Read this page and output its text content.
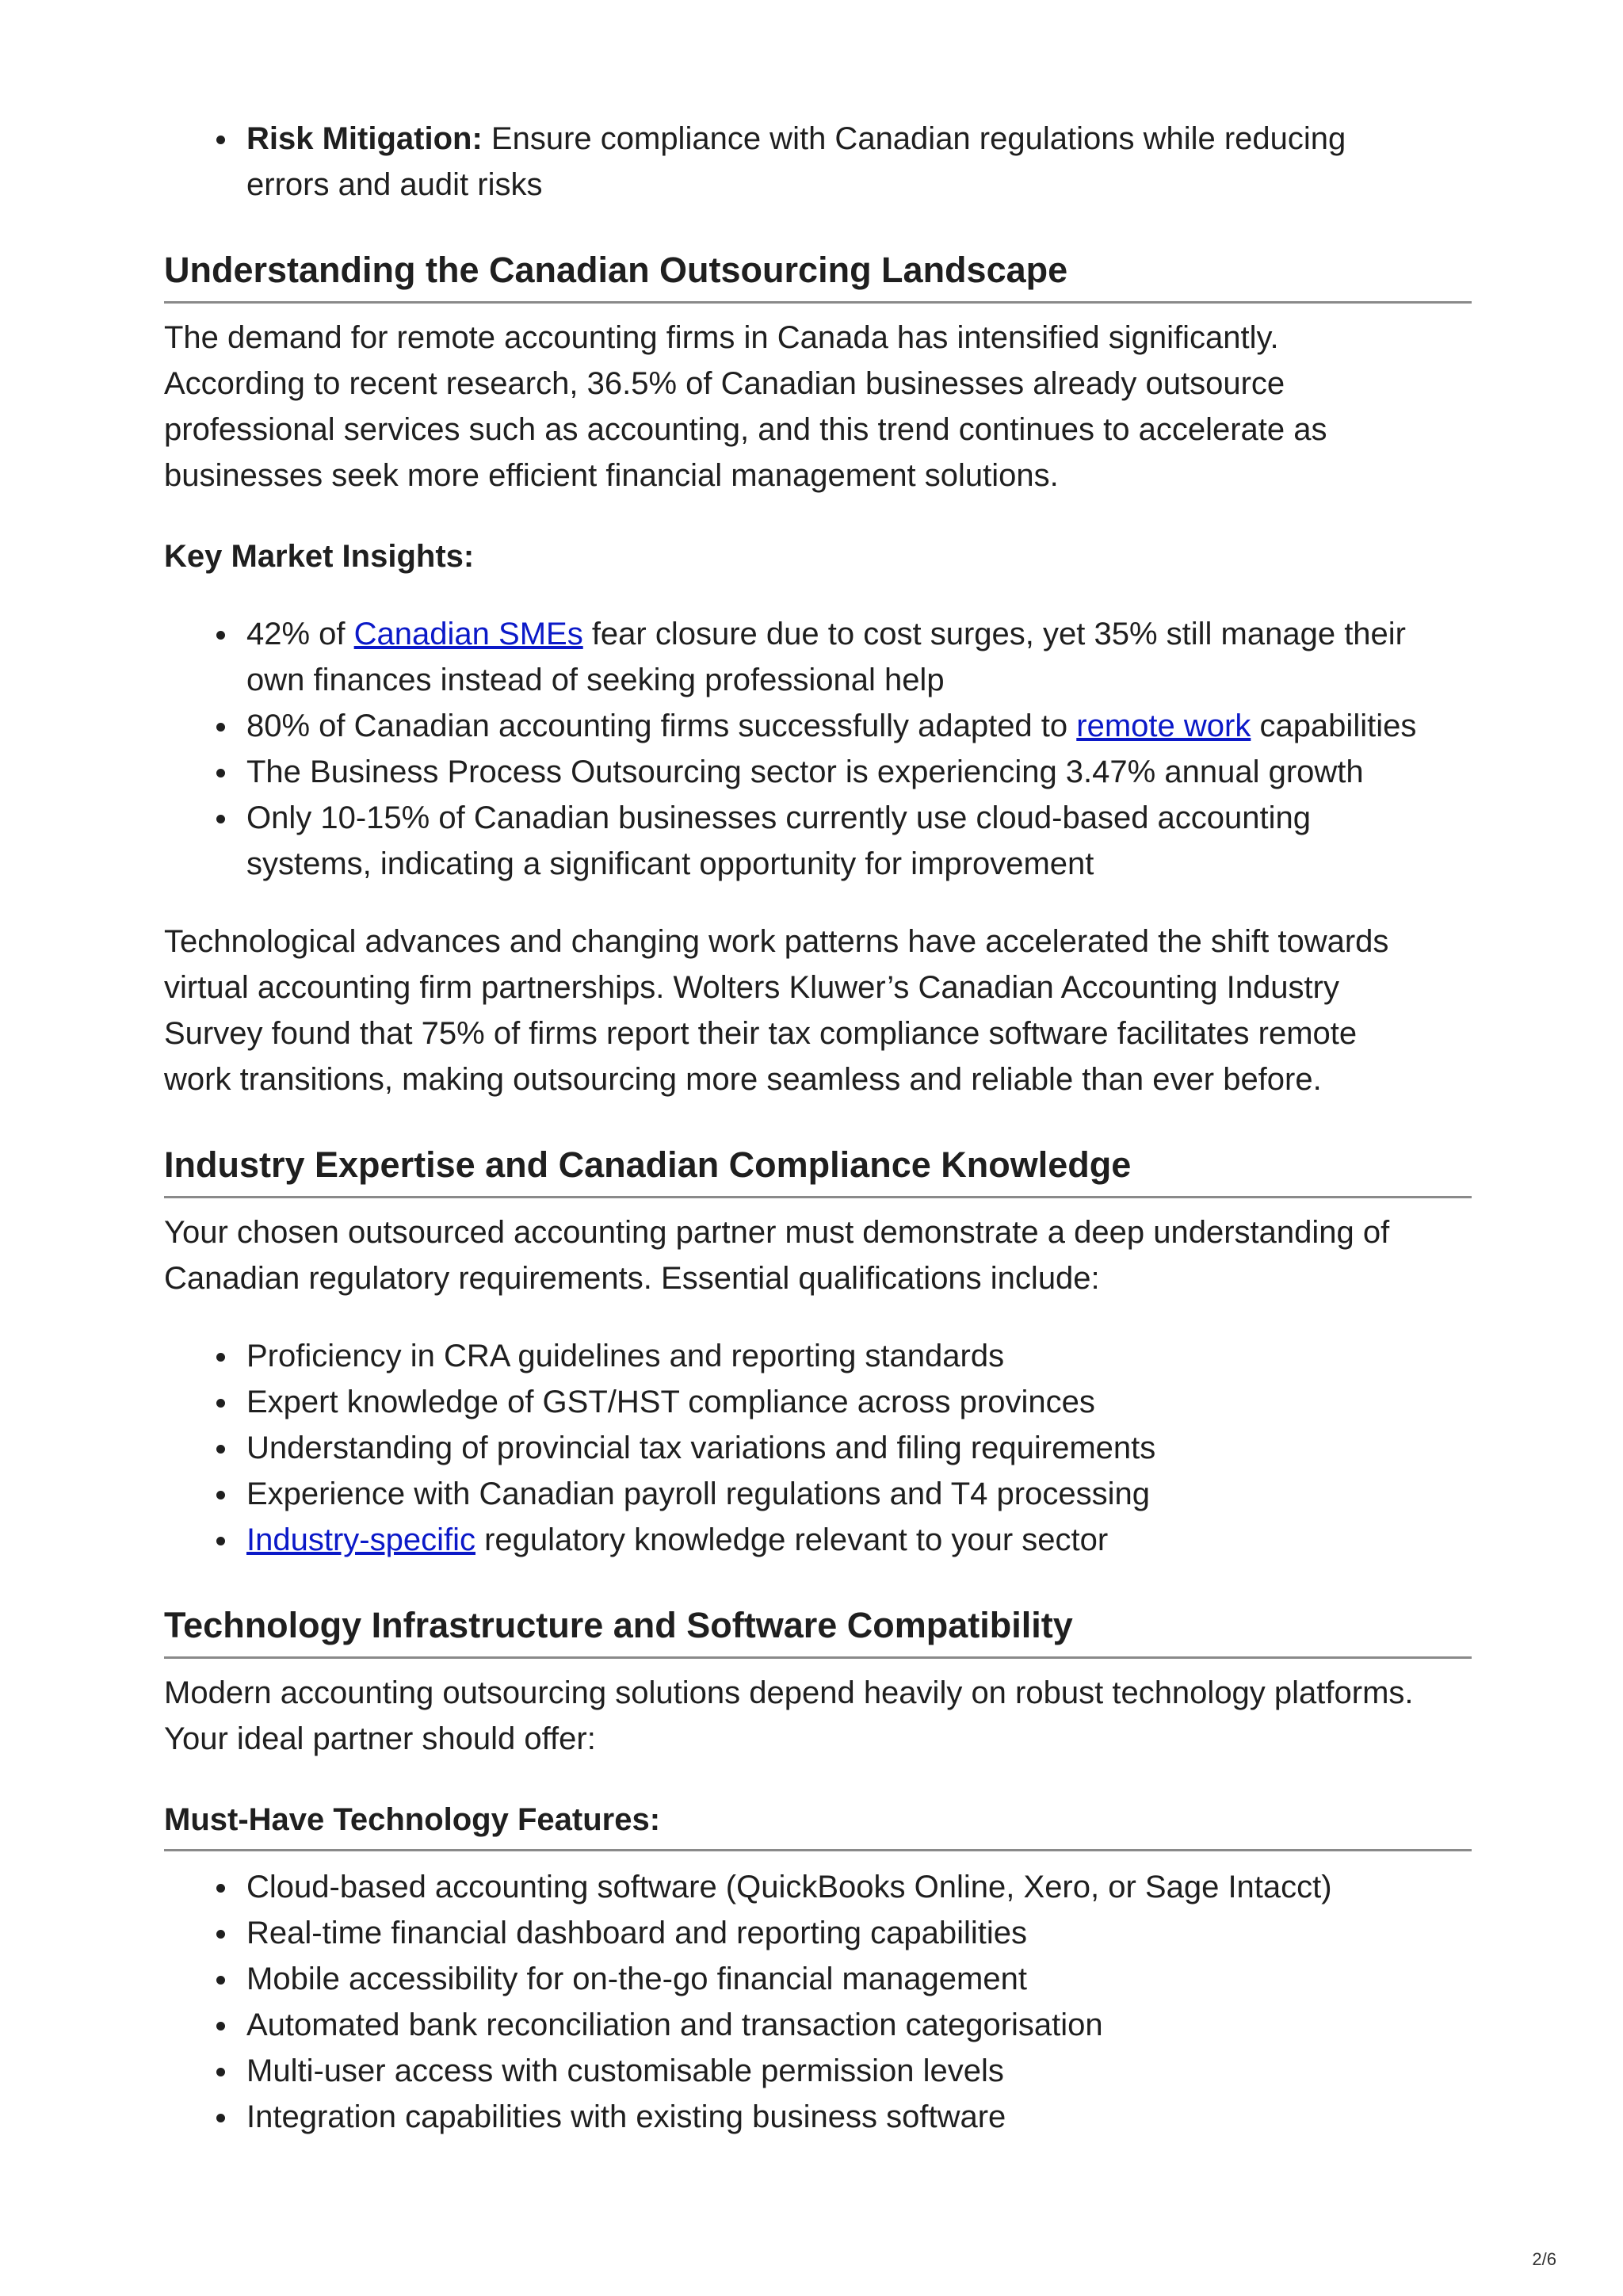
Risk Mitigation: Ensure compliance with Canadian regulations while reducing
errors and audit risks
Understanding the Canadian Outsourcing Landscape

The demand for remote accounting firms in Canada has intensified significantly.
According to recent research, 36.5% of Canadian businesses already outsource
professional services such as accounting, and this trend continues to accelerate as
businesses seek more efficient financial management solutions.

Key Market Insights:
42% of Canadian SMEs fear closure due to cost surges, yet 35% still manage their
own finances instead of seeking professional help
80% of Canadian accounting firms successfully adapted to remote work capabilities
The Business Process Outsourcing sector is experiencing 3.47% annual growth
Only 10-15% of Canadian businesses currently use cloud-based accounting
systems, indicating a significant opportunity for improvement

Technological advances and changing work patterns have accelerated the shift towards
virtual accounting firm partnerships. Wolters Kluwer’s Canadian Accounting Industry
Survey found that 75% of firms report their tax compliance software facilitates remote
work transitions, making outsourcing more seamless and reliable than ever before.

Industry Expertise and Canadian Compliance Knowledge

Your chosen outsourced accounting partner must demonstrate a deep understanding of
Canadian regulatory requirements. Essential qualifications include:

Proficiency in CRA guidelines and reporting standards
Expert knowledge of GST/HST compliance across provinces
Understanding of provincial tax variations and filing requirements
Experience with Canadian payroll regulations and T4 processing
Industry-specific regulatory knowledge relevant to your sector
Technology Infrastructure and Software Compatibility

Modern accounting outsourcing solutions depend heavily on robust technology platforms.
Your ideal partner should offer:

Must-Have Technology Features:
Cloud-based accounting software (QuickBooks Online, Xero, or Sage Intacct)
Real-time financial dashboard and reporting capabilities
Mobile accessibility for on-the-go financial management
Automated bank reconciliation and transaction categorisation
Multi-user access with customisable permission levels
Integration capabilities with existing business software
2/6
